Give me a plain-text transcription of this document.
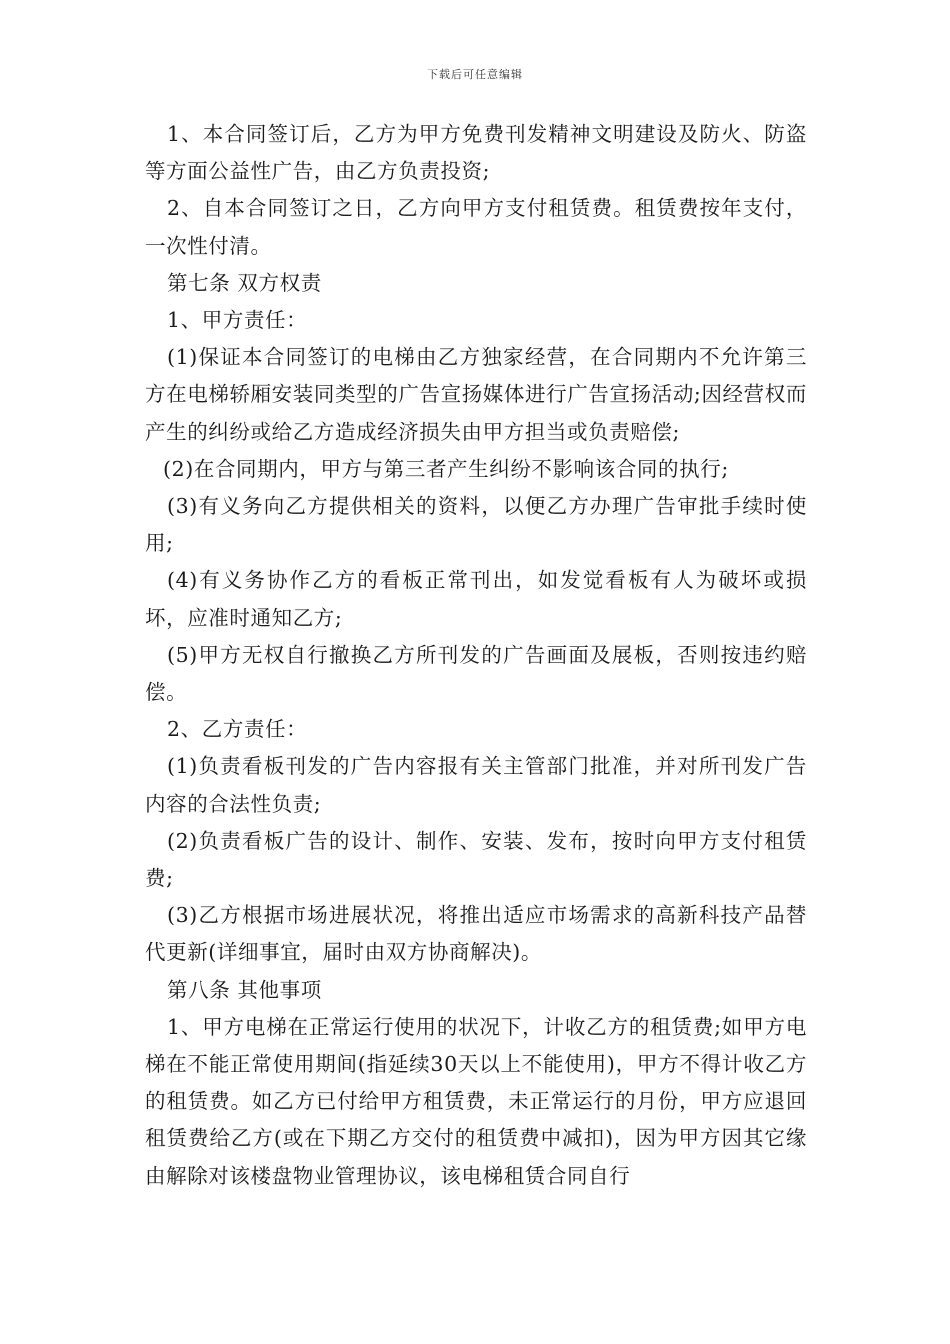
下载后可任意编辑

1、本合同签订后，乙方为甲方免费刊发精神文明建设及防火、防盗等方面公益性广告，由乙方负责投资;

2、自本合同签订之日，乙方向甲方支付租赁费。租赁费按年支付，一次性付清。

第七条 双方权责

1、甲方责任：

(1)保证本合同签订的电梯由乙方独家经营，在合同期内不允许第三方在电梯轿厢安装同类型的广告宣扬媒体进行广告宣扬活动;因经营权而产生的纠纷或给乙方造成经济损失由甲方担当或负责赔偿;

(2)在合同期内，甲方与第三者产生纠纷不影响该合同的执行;

(3)有义务向乙方提供相关的资料，以便乙方办理广告审批手续时使用;

(4)有义务协作乙方的看板正常刊出，如发觉看板有人为破坏或损坏，应准时通知乙方;

(5)甲方无权自行撤换乙方所刊发的广告画面及展板，否则按违约赔偿。

2、乙方责任：

(1)负责看板刊发的广告内容报有关主管部门批准，并对所刊发广告内容的合法性负责;

(2)负责看板广告的设计、制作、安装、发布，按时向甲方支付租赁费;

(3)乙方根据市场进展状况，将推出适应市场需求的高新科技产品替代更新(详细事宜，届时由双方协商解决)。

第八条 其他事项

1、甲方电梯在正常运行使用的状况下，计收乙方的租赁费;如甲方电梯在不能正常使用期间(指延续30天以上不能使用)，甲方不得计收乙方的租赁费。如乙方已付给甲方租赁费，未正常运行的月份，甲方应退回租赁费给乙方(或在下期乙方交付的租赁费中减扣)，因为甲方因其它缘由解除对该楼盘物业管理协议，该电梯租赁合同自行
